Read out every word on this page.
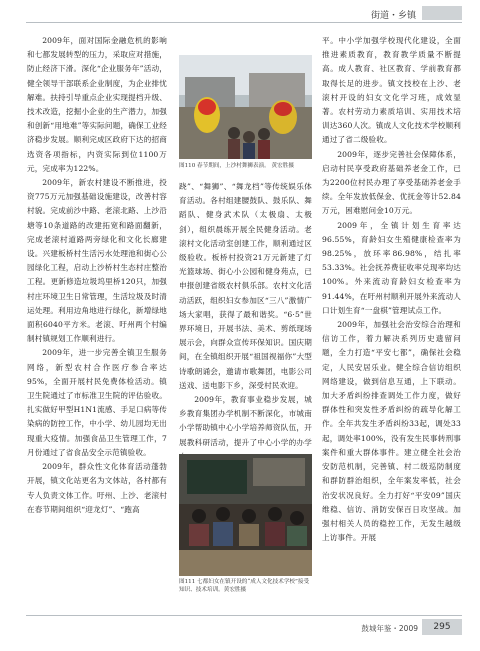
街道・乡镇

2009年，面对国际金融危机的影响和七都发展转型的压力，采取应对措施，防止经济下滑。深化“企业服务年”活动，健全领导干部联系企业制度，为企业排忧解难。扶持引导重点企业实现提档升级、技术改造，挖掘小企业的生产潜力，加强和创新“用地难”等实际问题，确保工业经济稳步发展。顺利完成区政府下达的招商选资各项指标，内资实际到位1100万元，完成率为122%。

2009年，新农村建设不断推进，投资775万元加强基础设施建设，改善村容村貌。完成前沙中路、老滚北路、上沙沿塘等10条道路的改建拓宽和路面翻新，完成老滚村道路两旁绿化和文化长廊建设。兴建板桥村生活污水处理池和街心公园绿化工程，启动上沙桥村生态村庄整治工程。更新修造垃圾坞里桥120只，加强村庄环境卫生日常管理，生活垃圾及时清运处理。利用边角地进行绿化，新增绿地面积6040平方米。老滚、吁州两个村编制村镇规划工作顺利进行。

2009年，进一步完善全镇卫生服务网络，新型农村合作医疗参合率达95%，全面开展村民免费体检活动。镇卫生院通过了市标准卫生院的评估验收。扎实做好甲型H1N1流感、手足口病等传染病的防控工作，中小学、幼儿园均无出现重大疫情。加强食品卫生管理工作，7月份通过了省食品安全示范镇验收。

2009年，群众性文化体育活动蓬勃开展，镇文化站更名为文体站，各村都有专人负责文体工作。吁州、上沙、老滚村在春节期间组织“迎龙灯”、“跑高

图110 春节期间，上沙村舞狮表演。 黄宏胜摄

跷”、“舞狮”、“舞龙档”等传统娱乐体育活动。各村组建腰鼓队、鼓乐队、舞蹈队、健身武术队（太极扇、太极剑），组织晨练开展全民健身活动。老滚村文化活动室创建工作，顺利通过区级验收。板桥村投资21万元新建了灯光篮球场、街心小公园和健身苑点，已申报创建省级农村俱乐部。农村文化活动活跃，组织妇女参加区“三八”激情广场大家唱，获得了最和谐奖。“6·5”世界环境日，开展书法、美术、剪纸现场展示会，向群众宣传环保知识。国庆期间，在全镇组织开展“祖国视福你”大型诗歌朗诵会，邀请市歌舞团，电影公司送戏、送电影下乡，深受村民欢迎。

2009年，教育事业稳步发展，城乡教育集团办学机制不断深化，市城南小学帮助镇中心小学培养师资队伍，开展教科研活动，提升了中心小学的办学

图111 七都妇女在镇开设的“成人文化技术学校”接受知识、技术培训。黄宏胜摄

平。中小学加强学校现代化建设，全面推进素质教育，教育教学质量不断提高。成人教育、社区教育、学前教育都取得长足的进步。镇文技校在上沙、老滚村开设的妇女文化学习班，成效显著。农村劳动力素质培训、实用技术培训达360人次。镇成人文化技术学校顺利通过了省二级验收。

2009年，逐步完善社会保障体系，启动村民享受政府基础养老金工作，已为2200位村民办理了享受基础养老金手续。全年发放低保金、优抚金等计52.84万元，困难慰问金10万元。

2009年，全镇计划生育率达96.55%，育龄妇女生殖健康检查率为98.25%，放环率86.98%，结扎率53.33%。社会抚养费征收率兑现率均达100%。外来流动育龄妇女检查率为91.44%，在吁州村顺利开展外来流动人口计划生育“一盘棋”管理试点工作。

2009年，加强社会治安综合治理和信访工作，着力解决系列历史遗留问题，全力打造“平安七都”，确保社会稳定，人民安居乐业。健全综合信访组织网络建设，做到信息互通，上下联动。加大矛盾纠纷排查调处工作力度，做好群体性和突发性矛盾纠纷的疏导化解工作。全年共发生矛盾纠纷33起，调处33起，调处率100%，没有发生民事转刑事案件和重大群体事件。建立健全社会治安防范机制，完善镇、村二级巡防制度和群防群治组织，全年案发率低，社会治安状况良好。全力打好“平安09”国庆维稳、信访、消防安保百日攻坚战。加强村相关人员的稳控工作，无发生越级上访事件。开展

鼓城年鉴・2009	295
